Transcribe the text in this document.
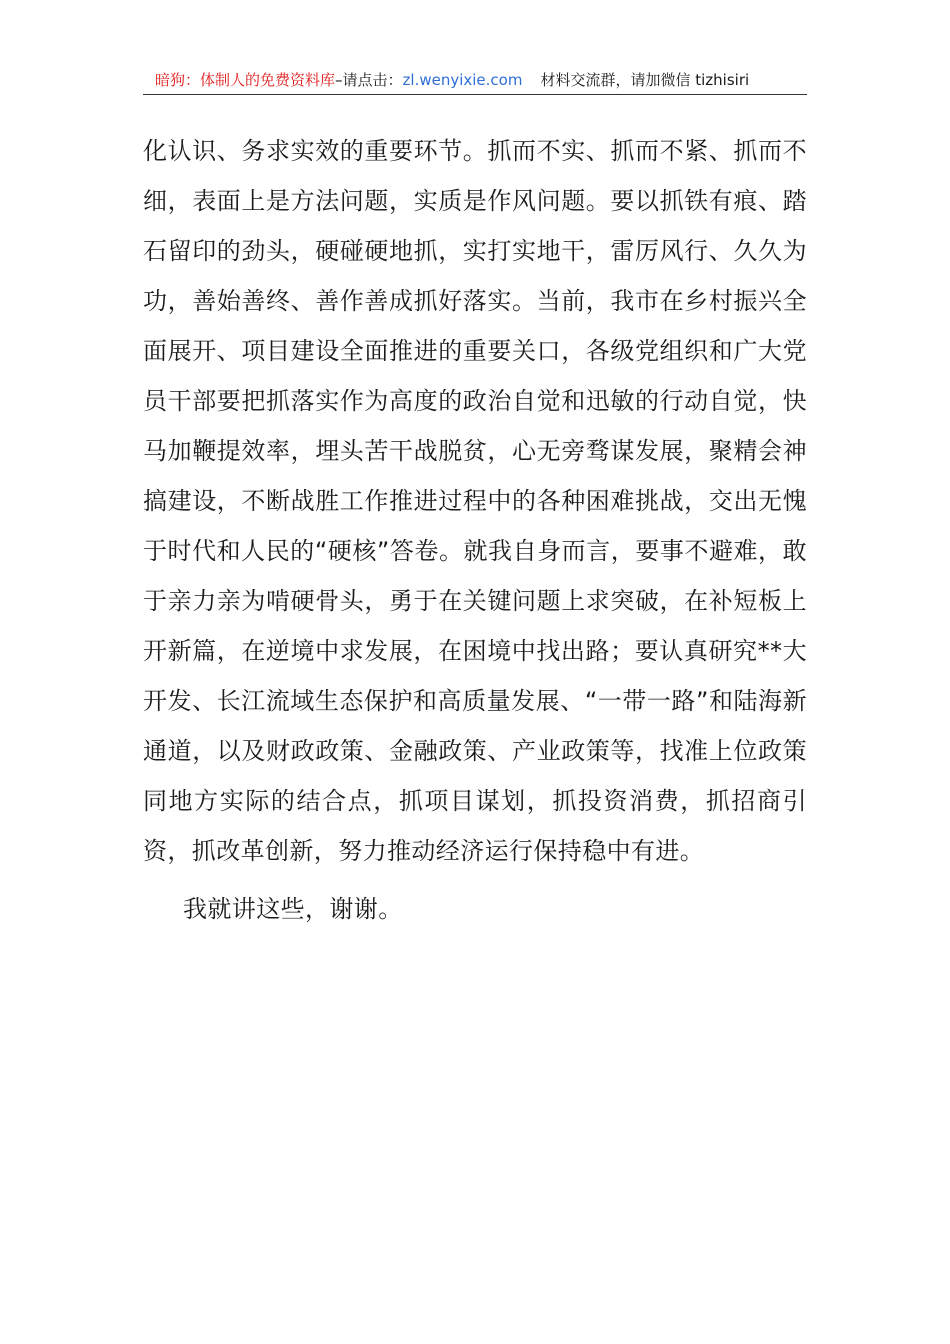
暗狗：体制人的免费资料库–请点击：zl.wenyixie.com 材料交流群，请加微信 tizhisiri

化认识、务求实效的重要环节。抓而不实、抓而不紧、抓而不细，表面上是方法问题，实质是作风问题。要以抓铁有痕、踏石留印的劲头，硬碰硬地抓，实打实地干，雷厉风行、久久为功，善始善终、善作善成抓好落实。当前，我市在乡村振兴全面展开、项目建设全面推进的重要关口，各级党组织和广大党员干部要把抓落实作为高度的政治自觉和迅敏的行动自觉，快马加鞭提效率，埋头苦干战脱贫，心无旁骛谋发展，聚精会神搞建设，不断战胜工作推进过程中的各种困难挑战，交出无愧于时代和人民的“硬核”答卷。就我自身而言，要事不避难，敢于亲力亲为啃硬骨头，勇于在关键问题上求突破，在补短板上开新篇，在逆境中求发展，在困境中找出路；要认真研究**大开发、长江流域生态保护和高质量发展、“一带一路”和陆海新通道，以及财政政策、金融政策、产业政策等，找准上位政策同地方实际的结合点，抓项目谋划，抓投资消费，抓招商引资，抓改革创新，努力推动经济运行保持稳中有进。

我就讲这些，谢谢。
